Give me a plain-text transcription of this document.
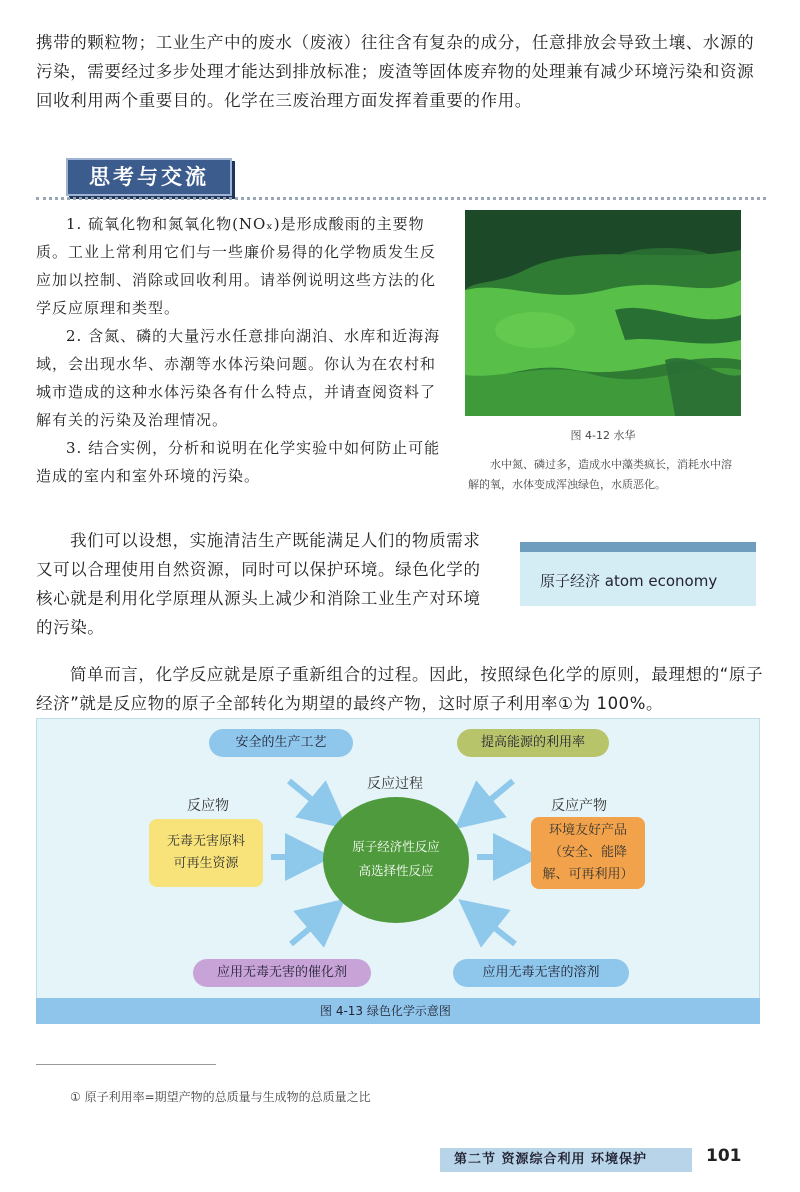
携带的颗粒物；工业生产中的废水（废液）往往含有复杂的成分，任意排放会导致土壤、水源的污染，需要经过多步处理才能达到排放标准；废渣等固体废弃物的处理兼有减少环境污染和资源回收利用两个重要目的。化学在三废治理方面发挥着重要的作用。

思考与交流

1. 硫氧化物和氮氧化物(NOₓ)是形成酸雨的主要物质。工业上常利用它们与一些廉价易得的化学物质发生反应加以控制、消除或回收利用。请举例说明这些方法的化学反应原理和类型。

2. 含氮、磷的大量污水任意排向湖泊、水库和近海海域，会出现水华、赤潮等水体污染问题。你认为在农村和城市造成的这种水体污染各有什么特点，并请查阅资料了解有关的污染及治理情况。

3. 结合实例，分析和说明在化学实验中如何防止可能造成的室内和室外环境的污染。

图 4-12 水华
水中氮、磷过多，造成水中藻类疯长，消耗水中溶解的氧，水体变成浑浊绿色，水质恶化。

我们可以设想，实施清洁生产既能满足人们的物质需求又可以合理使用自然资源，同时可以保护环境。绿色化学的核心就是利用化学原理从源头上减少和消除工业生产对环境的污染。

原子经济 atom economy

简单而言，化学反应就是原子重新组合的过程。因此，按照绿色化学的原则，最理想的“原子经济”就是反应物的原子全部转化为期望的最终产物，这时原子利用率①为 100%。

安全的生产工艺	提高能源的利用率
反应物
反应过程
反应产物
无毒无害原料
可再生资源
原子经济性反应
高选择性反应
环境友好产品
（安全、能降
解、可再利用）
应用无毒无害的催化剂	应用无毒无害的溶剂
图 4-13 绿色化学示意图
① 原子利用率=期望产物的总质量与生成物的总质量之比
第二节 资源综合利用 环境保护	101
